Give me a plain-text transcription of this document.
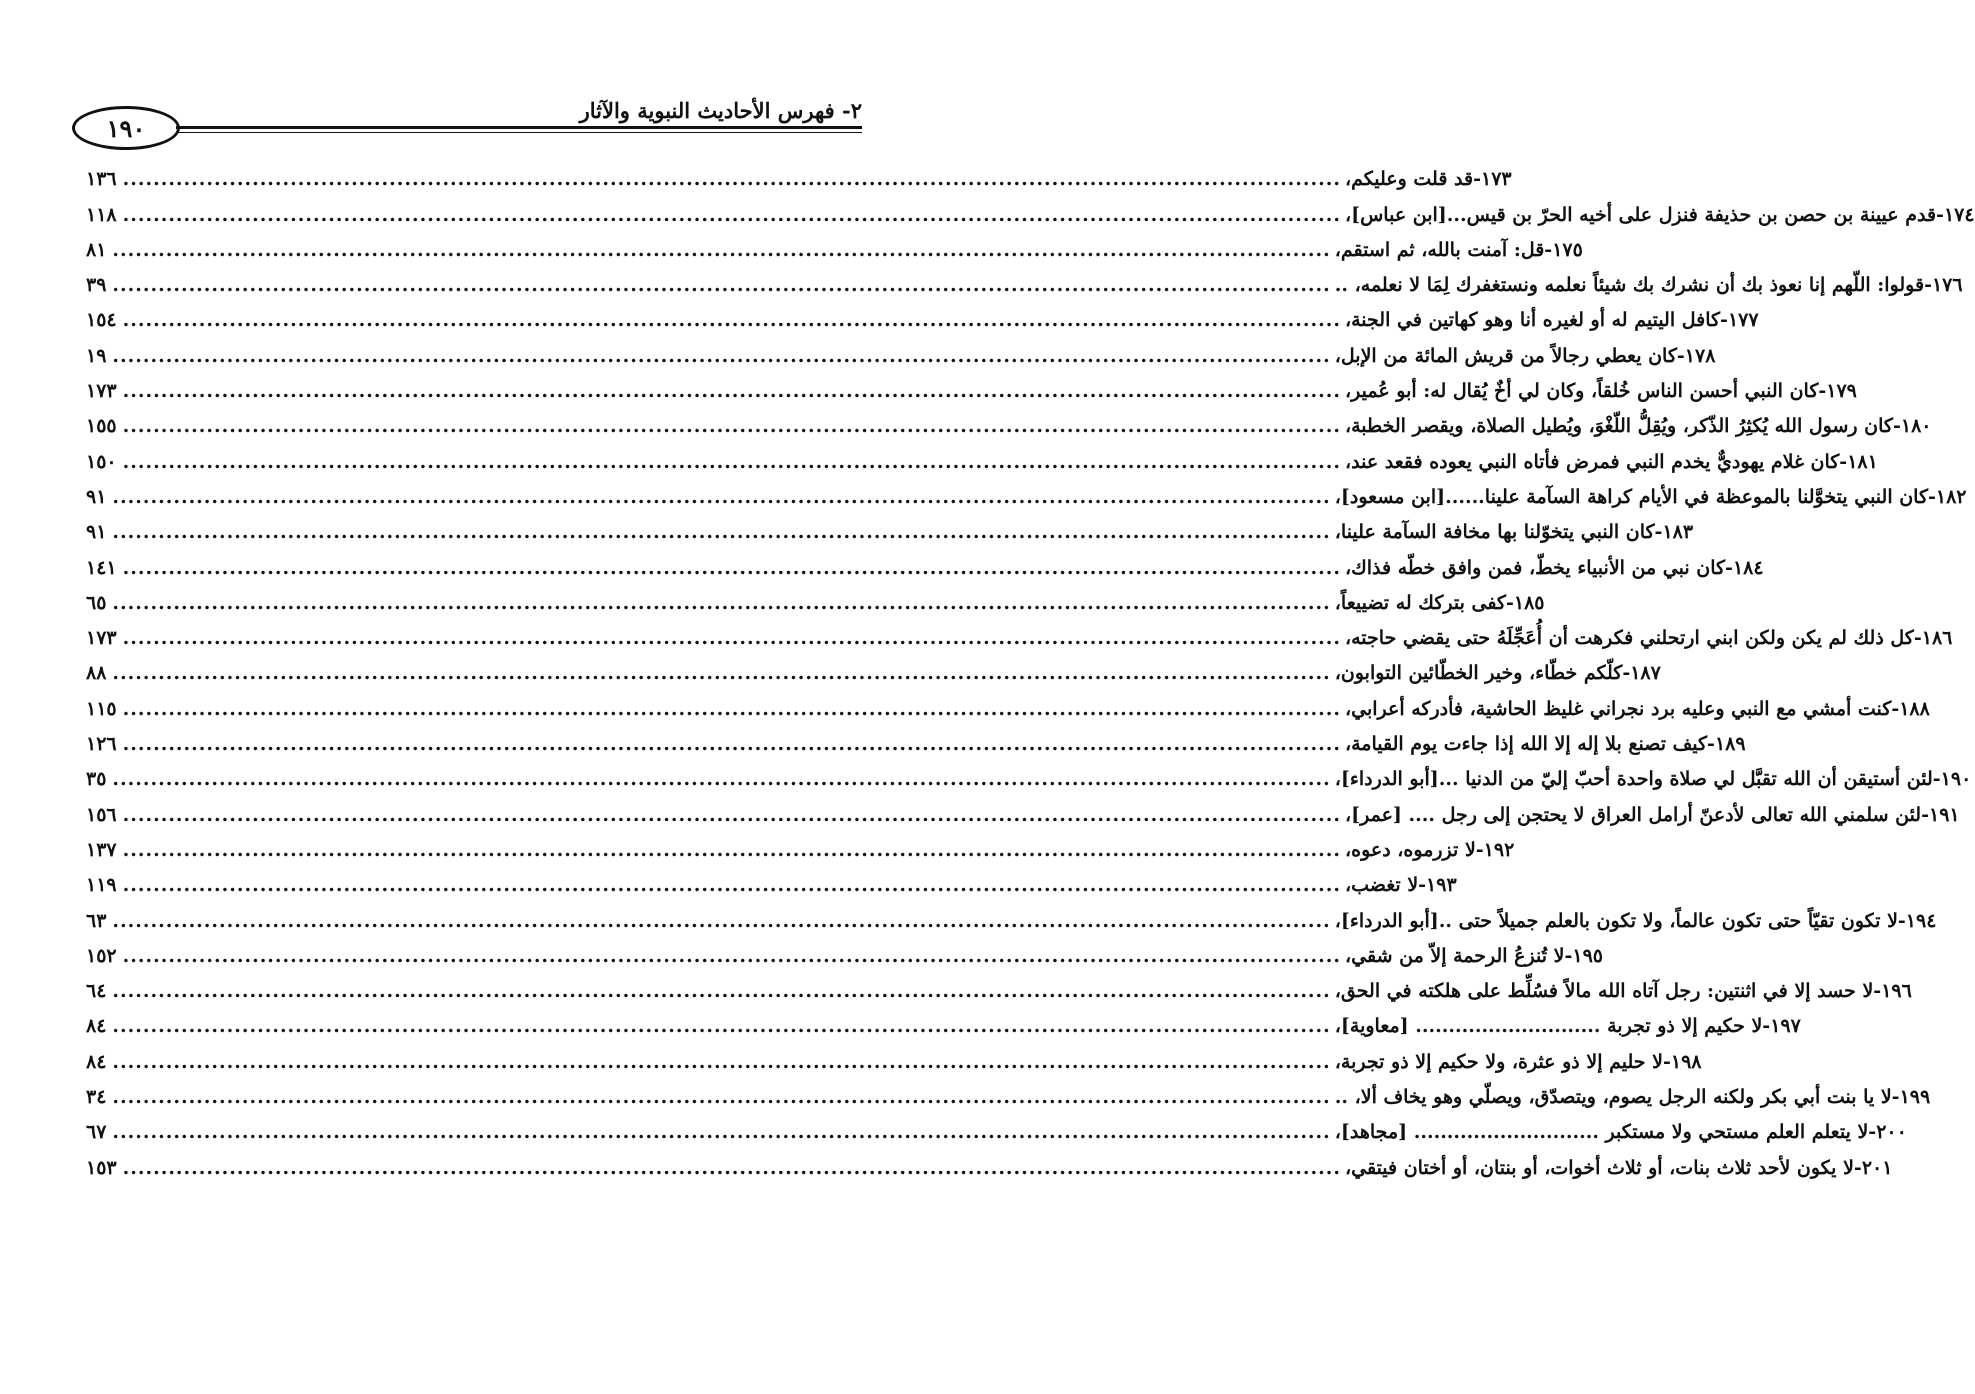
١٩٠
٢- فهرس الأحاديث النبوية والآثار
١٣٦ ................................................................................................................................................................ ١٧٣-قد قلت وعليكم،
١١٨ ................................................................................................................................................................ ١٧٤-قدم عيينة بن حصن بن حذيفة فنزل على أخيه الحرّ بن قيس...[ابن عباس]،
٨١ ................................................................................................................................................................ ١٧٥-قل: آمنت بالله، ثم استقم،
٣٩ ................................................................................................................................................................ ١٧٦-قولوا: اللّهم إنا نعوذ بك أن نشرك بك شيئاً نعلمه ونستغفرك لِمَا لا نعلمه، ..
١٥٤ ................................................................................................................................................................ ١٧٧-كافل اليتيم له أو لغيره أنا وهو كهاتين في الجنة،
١٩ ................................................................................................................................................................ ١٧٨-كان يعطي رجالاً من قريش المائة من الإبل،
١٧٣ ................................................................................................................................................................ ١٧٩-كان النبي أحسن الناس خُلقاً، وكان لي أخٌ يُقال له: أبو عُمير،
١٥٥ ................................................................................................................................................................ ١٨٠-كان رسول الله يُكثِرُ الذّكر، ويُقِلُّ اللّغْوَ، ويُطيل الصلاة، ويقصر الخطبة،
١٥٠ ................................................................................................................................................................ ١٨١-كان غلام يهوديٌّ يخدم النبي فمرض فأتاه النبي يعوده فقعد عند،
٩١ ................................................................................................................................................................ ١٨٢-كان النبي يتخوَّلنا بالموعظة في الأيام كراهة السآمة علينا......[ابن مسعود]،
٩١ ................................................................................................................................................................ ١٨٣-كان النبي يتخوّلنا بها مخافة السآمة علينا،
١٤١ ................................................................................................................................................................ ١٨٤-كان نبي من الأنبياء يخطّ، فمن وافق خطّه فذاك،
٦٥ ................................................................................................................................................................ ١٨٥-كفى بتركك له تضييعاً،
١٧٣ ................................................................................................................................................................ ١٨٦-كل ذلك لم يكن ولكن ابني ارتحلني فكرهت أن أُعَجِّلَهُ حتى يقضي حاجته،
٨٨ ................................................................................................................................................................ ١٨٧-كلّكم خطّاء، وخير الخطّائين التوابون،
١١٥ ................................................................................................................................................................ ١٨٨-كنت أمشي مع النبي وعليه برد نجراني غليظ الحاشية، فأدركه أعرابي،
١٢٦ ................................................................................................................................................................ ١٨٩-كيف تصنع بلا إله إلا الله إذا جاءت يوم القيامة،
٣٥ ................................................................................................................................................................ ١٩٠-لئن أستيقن أن الله تقبَّل لي صلاة واحدة أحبّ إليّ من الدنيا ...[أبو الدرداء]،
١٥٦ ................................................................................................................................................................ ١٩١-لئن سلمني الله تعالى لأدعنّ أرامل العراق لا يحتجن إلى رجل .... [عمر]،
١٣٧ ................................................................................................................................................................ ١٩٢-لا تزرموه، دعوه،
١١٩ ................................................................................................................................................................ ١٩٣-لا تغضب،
٦٣ ................................................................................................................................................................ ١٩٤-لا تكون تقيّاً حتى تكون عالماً، ولا تكون بالعلم جميلاً حتى ..[أبو الدرداء]،
١٥٢ ................................................................................................................................................................ ١٩٥-لا تُنزعُ الرحمة إلاّ من شقي،
٦٤ ................................................................................................................................................................ ١٩٦-لا حسد إلا في اثنتين: رجل آتاه الله مالاً فسُلِّط على هلكته في الحق،
٨٤ ................................................................................................................................................................ ١٩٧-لا حكيم إلا ذو تجربة ............................ [معاوية]،
٨٤ ................................................................................................................................................................ ١٩٨-لا حليم إلا ذو عثرة، ولا حكيم إلا ذو تجربة،
٣٤ ................................................................................................................................................................ ١٩٩-لا يا بنت أبي بكر ولكنه الرجل يصوم، ويتصدّق، ويصلّي وهو يخاف ألا، ..
٦٧ ................................................................................................................................................................ ٢٠٠-لا يتعلم العلم مستحي ولا مستكبر ............................ [مجاهد]،
١٥٣ ................................................................................................................................................................ ٢٠١-لا يكون لأحد ثلاث بنات، أو ثلاث أخوات، أو بنتان، أو أختان فيتقي،
